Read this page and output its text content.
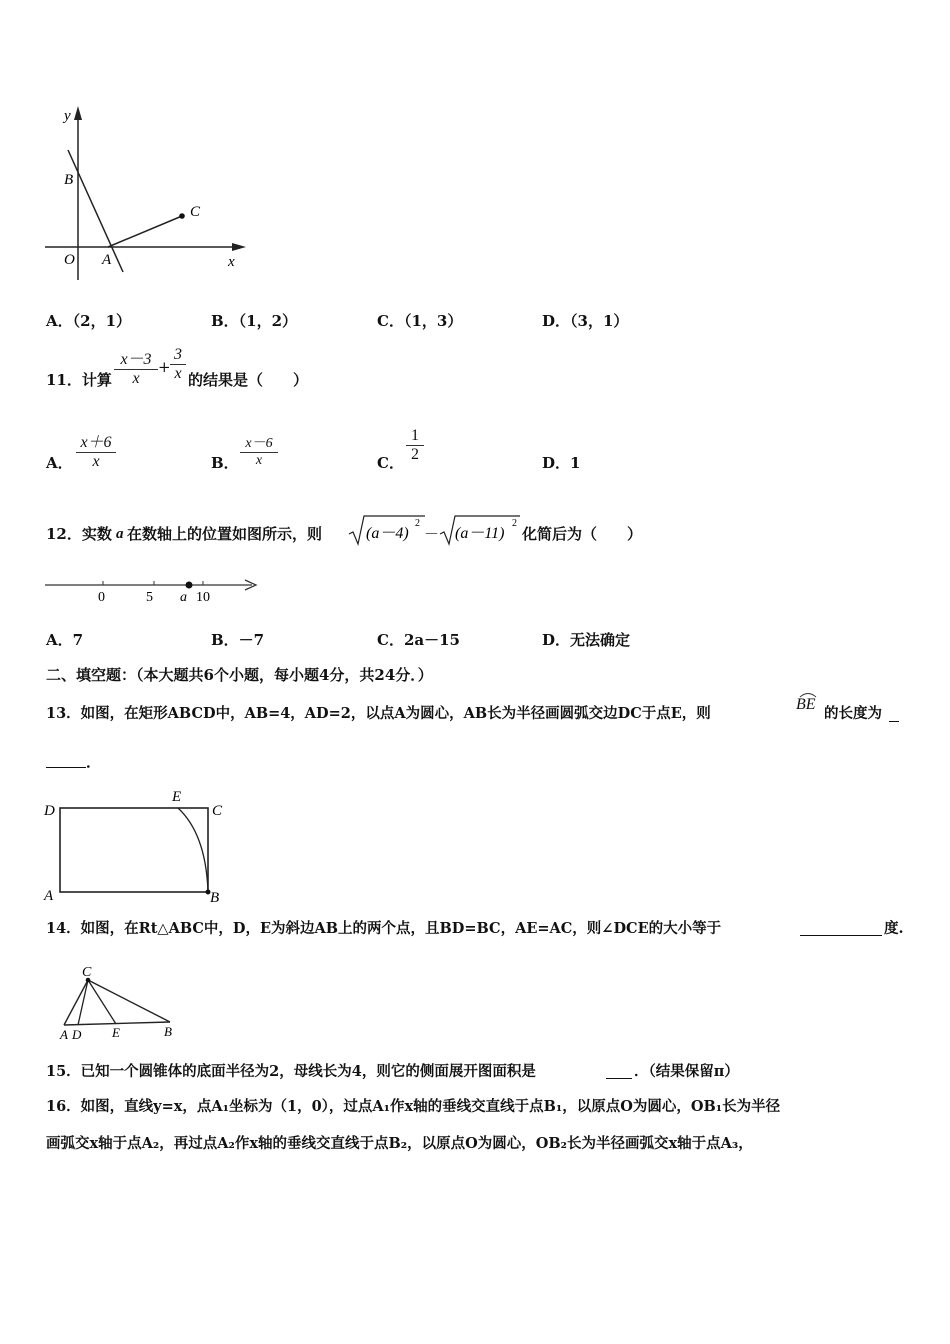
y
x
O A
B
C
A．（2，1）	B．（1，2）	C．（1，3）	D．（3，1）
11．计算 $\frac{x-3}{x} + \frac{3}{x}$ 的结果是（　　）
A． $\frac{x+6}{x}$	B． $\frac{x-6}{x}$	C． $\frac{1}{2}$	D．1
12．实数 a 在数轴上的位置如图所示，则	(a－4)
2
－ (a－11)
2
化简后为（　　）
0	5 a 10
A．7	B．－7	C．2a－15	D．无法确定
二、填空题：（本大题共6个小题，每小题4分，共24分．）
13．如图，在矩形ABCD中，AB=4，AD=2，以点A为圆心，AB长为半径画圆弧交边DC于点E，则
BE
的长度为
．
D
E
C
A	B
14．如图，在Rt△ABC中，D，E为斜边AB上的两个点，且BD=BC，AE=AC，则∠DCE的大小等于	度.
C
A D E	B
15．已知一个圆锥体的底面半径为2，母线长为4，则它的侧面展开图面积是	．（结果保留π）
16．如图，直线y=x，点A₁坐标为（1，0），过点A₁作x轴的垂线交直线于点B₁，以原点O为圆心，OB₁长为半径
画弧交x轴于点A₂，再过点A₂作x轴的垂线交直线于点B₂，以原点O为圆心，OB₂长为半径画弧交x轴于点A₃，
